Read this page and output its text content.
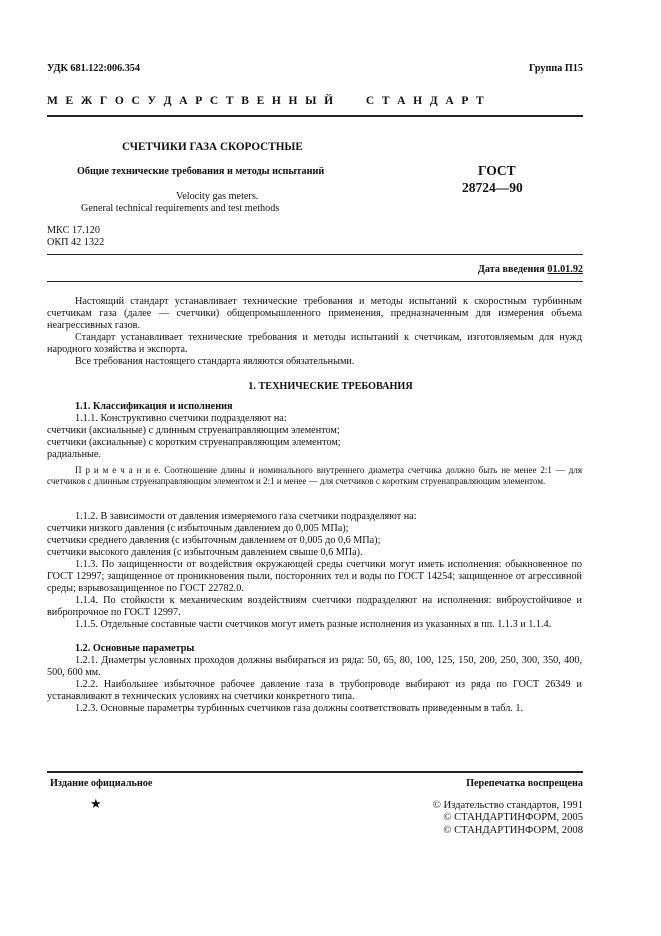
УДК 681.122:006.354	Группа П15
М Е Ж Г О С У Д А Р С Т В Е Н Н Ы Й     С Т А Н Д А Р Т
СЧЕТЧИКИ ГАЗА СКОРОСТНЫЕ
Общие технические требования и методы испытаний
Velocity gas meters.
General technical requirements and test methods
ГОСТ
28724—90
МКС 17.120
ОКП 42 1322
Дата введения 01.01.92

Настоящий стандарт устанавливает технические требования и методы испытаний к скоростным турбинным счетчикам газа (далее — счетчики) общепромышленного применения, предназначенным для измерения объема неагрессивных газов.

Стандарт устанавливает технические требования и методы испытаний к счетчикам, изготовляемым для нужд народного хозяйства и экспорта.

Все требования настоящего стандарта являются обязательными.

1. ТЕХНИЧЕСКИЕ ТРЕБОВАНИЯ

1.1. Классификация и исполнения

1.1.1. Конструктивно счетчики подразделяют на:

счетчики (аксиальные) с длинным струенаправляющим элементом;

счетчики (аксиальные) с коротким струенаправляющим элементом;

радиальные.

П р и м е ч а н и е. Соотношение длины и номинального внутреннего диаметра счетчика должно быть не менее 2:1 — для счетчиков с длинным струенаправляющим элементом и 2:1 и менее — для счетчиков с коротким струенаправляющим элементом.

1.1.2. В зависимости от давления измеряемого газа счетчики подразделяют на:

счетчики низкого давления (с избыточным давлением до 0,005 МПа);

счетчики среднего давления (с избыточным давлением от 0,005 до 0,6 МПа);

счетчики высокого давления (с избыточным давлением свыше 0,6 МПа).

1.1.3. По защищенности от воздействия окружающей среды счетчики могут иметь исполнения: обыкновенное по ГОСТ 12997; защищенное от проникновения пыли, посторонних тел и воды по ГОСТ 14254; защищенное от агрессивной среды; взрывозащищенное по ГОСТ 22782.0.

1.1.4. По стойкости к механическим воздействиям счетчики подразделяют на исполнения: виброустойчивое и вибропрочное по ГОСТ 12997.

1.1.5. Отдельные составные части счетчиков могут иметь разные исполнения из указанных в пп. 1.1.3 и 1.1.4.

1.2. Основные параметры

1.2.1. Диаметры условных проходов должны выбираться из ряда: 50, 65, 80, 100, 125, 150, 200, 250, 300, 350, 400, 500, 600 мм.

1.2.2. Наибольшее избыточное рабочее давление газа в трубопроводе выбирают из ряда по ГОСТ 26349 и устанавливают в технических условиях на счетчики конкретного типа.

1.2.3. Основные параметры турбинных счетчиков газа должны соответствовать приведенным в табл. 1.

Издание официальное	Перепечатка воспрещена
★	© Издательство стандартов, 1991
© СТАНДАРТИНФОРМ, 2005
© СТАНДАРТИНФОРМ, 2008
